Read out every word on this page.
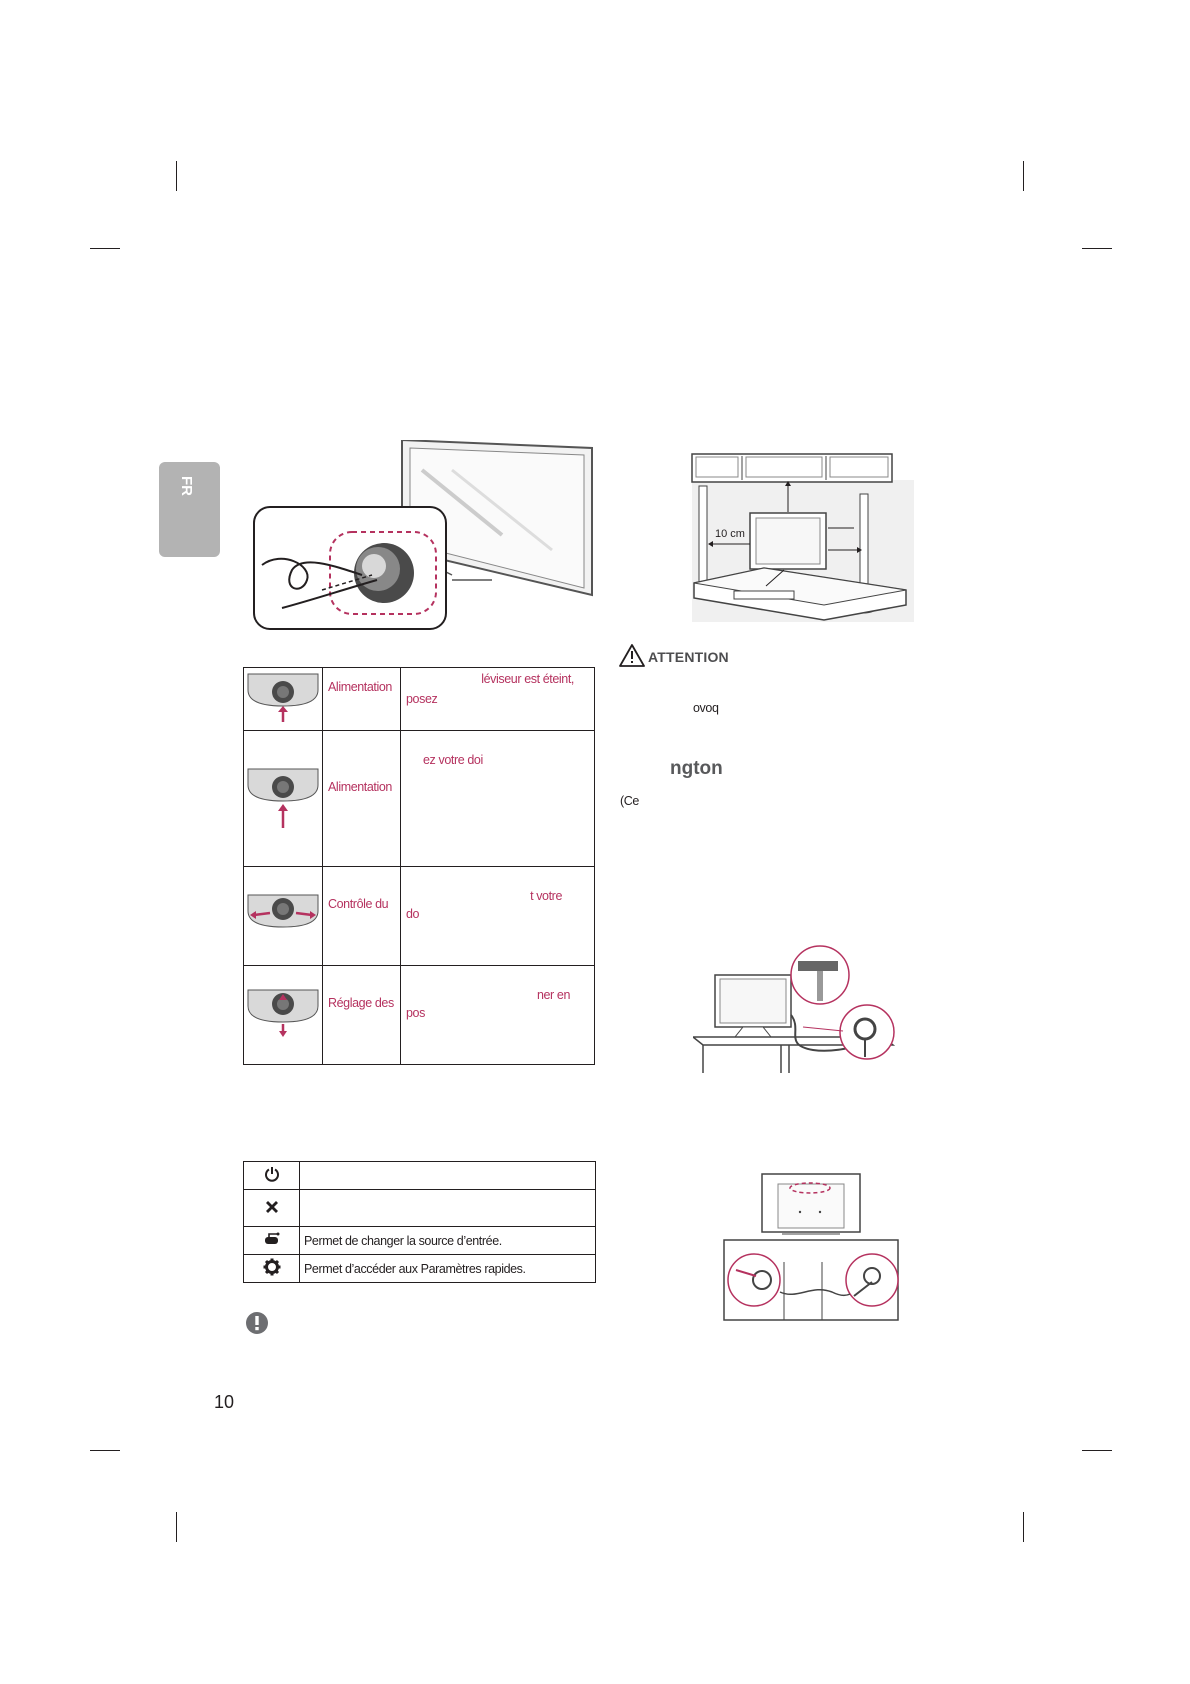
FR

Alimentation	léviseur est éteint,
posez

Alimentation	ez votre doi

Contrôle du	t votre
do

Réglage des	ner en
pos

	Permet de changer la source d’entrée.
	Permet d’accéder aux Paramètres rapides.
10
10 cm
ATTENTION
ovoq
ngton
(Ce
